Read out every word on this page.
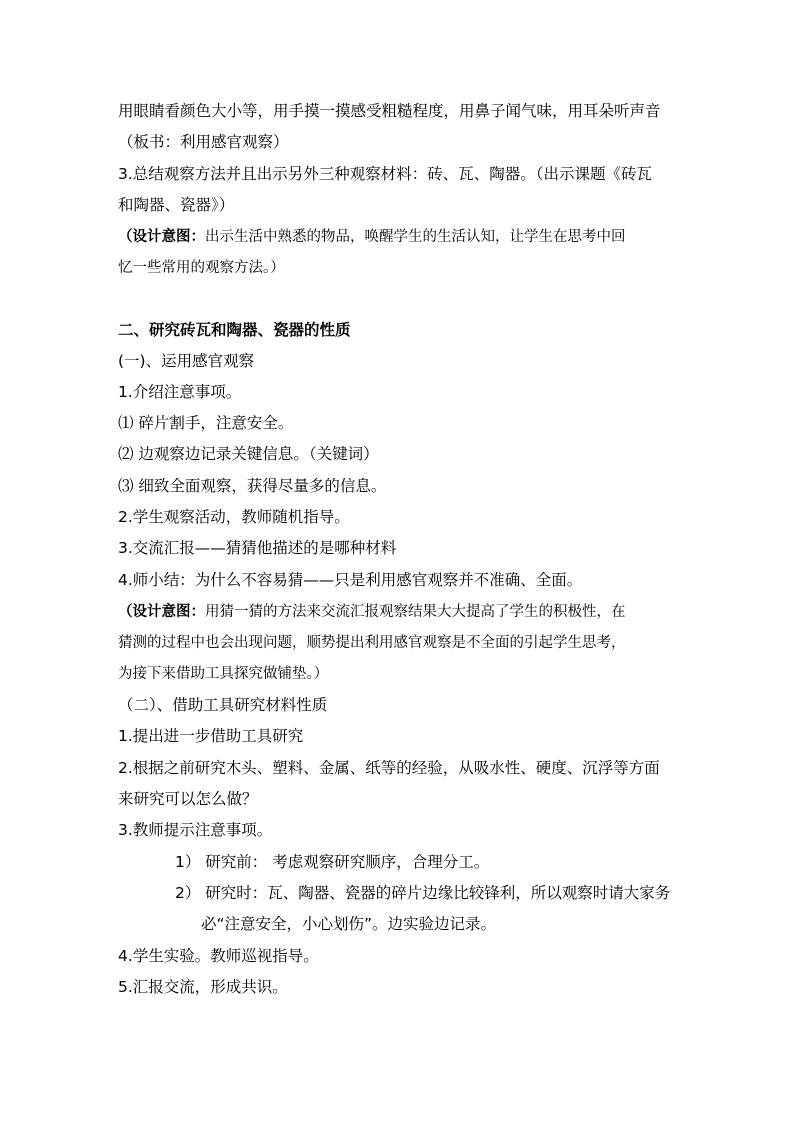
用眼睛看颜色大小等，用手摸一摸感受粗糙程度，用鼻子闻气味，用耳朵听声音
（板书：利用感官观察）
3.总结观察方法并且出示另外三种观察材料：砖、瓦、陶器。（出示课题《砖瓦
和陶器、瓷器》）
（设计意图：出示生活中熟悉的物品，唤醒学生的生活认知，让学生在思考中回
忆一些常用的观察方法。）
二、研究砖瓦和陶器、瓷器的性质
(一)、运用感官观察
1.介绍注意事项。
⑴ 碎片割手，注意安全。
⑵ 边观察边记录关键信息。（关键词）
⑶ 细致全面观察，获得尽量多的信息。
2.学生观察活动，教师随机指导。
3.交流汇报——猜猜他描述的是哪种材料
4.师小结：为什么不容易猜——只是利用感官观察并不准确、全面。
（设计意图：用猜一猜的方法来交流汇报观察结果大大提高了学生的积极性，在
猜测的过程中也会出现问题，顺势提出利用感官观察是不全面的引起学生思考，
为接下来借助工具探究做铺垫。）
（二）、借助工具研究材料性质
1.提出进一步借助工具研究
2.根据之前研究木头、塑料、金属、纸等的经验，从吸水性、硬度、沉浮等方面
来研究可以怎么做？
3.教师提示注意事项。
1） 研究前： 考虑观察研究顺序，合理分工。
2） 研究时：瓦、陶器、瓷器的碎片边缘比较锋利，所以观察时请大家务
必“注意安全，小心划伤”。边实验边记录。
4.学生实验。教师巡视指导。
5.汇报交流，形成共识。
